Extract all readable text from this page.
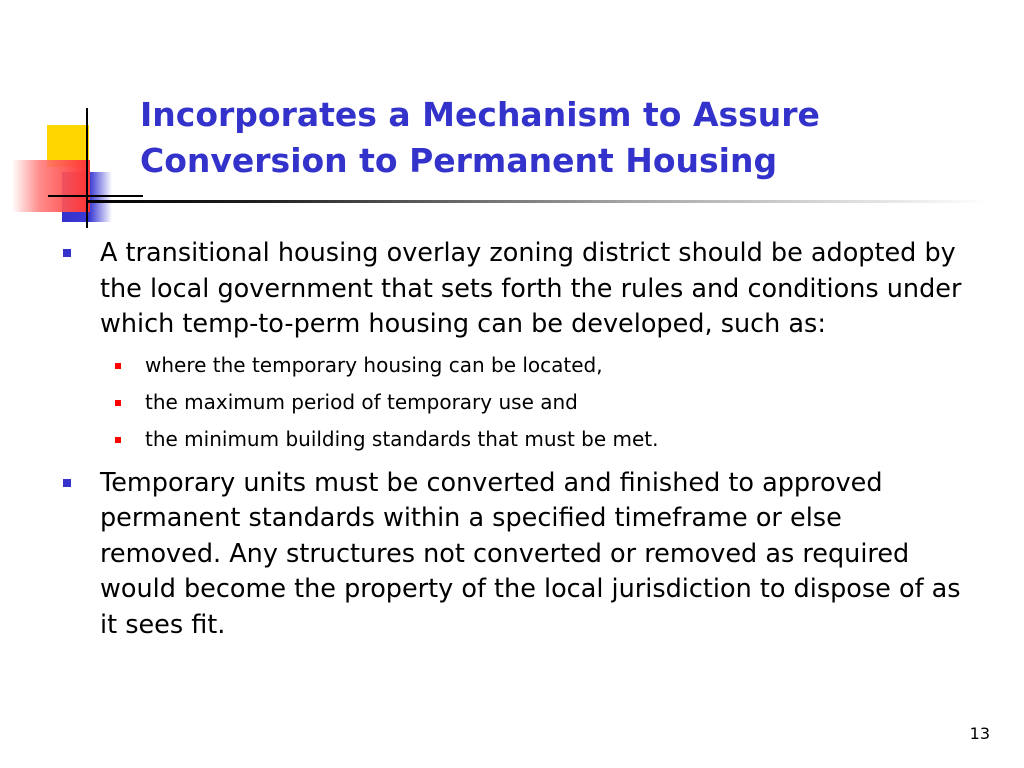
Incorporates a Mechanism to Assure Conversion to Permanent Housing
A transitional housing overlay zoning district should be adopted by the local government that sets forth the rules and conditions under which temp-to-perm housing can be developed, such as:
where the temporary housing can be located,
the maximum period of temporary use and
the minimum building standards that must be met.
Temporary units must be converted and finished to approved permanent standards within a specified timeframe or else removed. Any structures not converted or removed as required would become the property of the local jurisdiction to dispose of as it sees fit.
13
